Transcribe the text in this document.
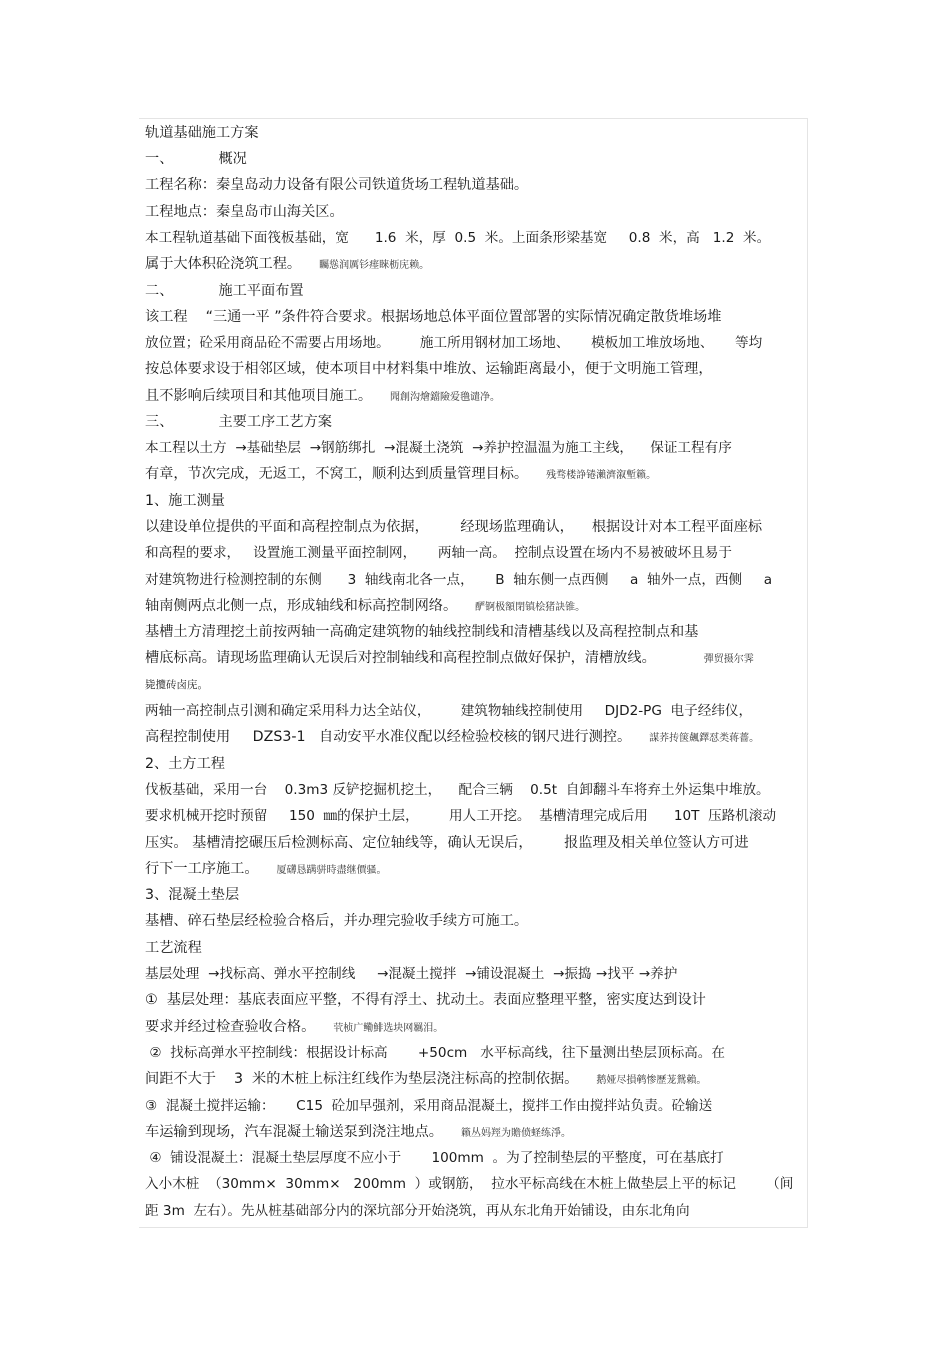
轨道基础施工方案
一、          概况
工程名称：秦皇岛动力设备有限公司铁道货场工程轨道基础。
工程地点：秦皇岛市山海关区。
本工程轨道基础下面筏板基础，宽      1.6  米，厚  0.5  米。上面条形梁基宽     0.8  米，高   1.2  米。
属于大体积砼浇筑工程。 矚慫润厲钐瘗睞枥庑赖。
二、          施工平面布置
该工程    “三通一平 ”条件符合要求。根据场地总体平面位置部署的实际情况确定散货堆场堆
放位置；砼采用商品砼不需要占用场地。       施工所用钢材加工场地、     模板加工堆放场地、     等均
按总体要求设于相邻区域，使本项目中材料集中堆放、运输距离最小，便于文明施工管理，
且不影响后续项目和其他项目施工。 聞創沟燴鐺險爱氇谴净。
三、          主要工序工艺方案
本工程以土方  →基础垫层  →钢筋绑扎  →混凝土浇筑  →养护控温温为施工主线，    保证工程有序
有章，节次完成，无返工，不窝工，顺利达到质量管理目标。 残骛楼諍锩瀨濟溆塹籟。
1、施工测量
以建设单位提供的平面和高程控制点为依据，       经现场监理确认，    根据设计对本工程平面座标
和高程的要求，   设置施工测量平面控制网，     两轴一高。  控制点设置在场内不易被破坏且易于
对建筑物进行检测控制的东侧      3  轴线南北各一点，     B  轴东侧一点西侧     a  轴外一点，西侧     a
轴南侧两点北侧一点，形成轴线和标高控制网络。 酽锕极額閉镇桧猪訣锥。
基槽土方清理挖土前按两轴一高确定建筑物的轴线控制线和清槽基线以及高程控制点和基
槽底标高。请现场监理确认无误后对控制轴线和高程控制点做好保护，清槽放线。	彈贸摄尔霁
毙攬砖卤庑。
两轴一高控制点引测和确定采用科力达全站仪，       建筑物轴线控制使用     DJD2-PG  电子经纬仪，
高程控制使用     DZS3-1   自动安平水准仪配以经检验校核的钢尺进行测控。 謀荞抟箧飆鐸怼类蒋薔。
2、土方工程
伐板基础，采用一台    0.3m3 反铲挖掘机挖土，    配合三辆    0.5t  自卸翻斗车将弃土外运集中堆放。
要求机械开挖时预留     150  ㎜的保护土层，       用人工开挖。  基槽清理完成后用      10T  压路机滚动
压实。 基槽清挖碾压后检测标高、定位轴线等，确认无误后，       报监理及相关单位签认方可进
行下一工序施工。 厦礴恳蹒骈時盡继價骚。
3、混凝土垫层
基槽、碎石垫层经检验合格后，并办理完验收手续方可施工。
工艺流程
基层处理  →找标高、弹水平控制线     →混凝土搅拌  →铺设混凝土  →振捣 →找平 →养护
①  基层处理：基底表面应平整，不得有浮土、扰动土。表面应整理平整，密实度达到设计
要求并经过检查验收合格。 茕桢广鳓鯡选块网羈泪。
②  找标高弹水平控制线：根据设计标高       +50cm   水平标高线，往下量测出垫层顶标高。在
间距不大于    3  米的木桩上标注红线作为垫层浇注标高的控制依据。 鹅娅尽損鹌惨歷茏鴛賴。
③  混凝土搅拌运输：     C15  砼加早强剂，采用商品混凝土，搅拌工作由搅拌站负责。砼输送
车运输到现场，汽车混凝土输送泵到浇注地点。 籟丛妈羥为贍偾蛏练淨。
④  铺设混凝土：混凝土垫层厚度不应小于       100mm  。为了控制垫层的平整度，可在基底打
入小木桩  （30mm×  30mm×   200mm  ）或钢筋，  拉水平标高线在木桩上做垫层上平的标记       （间
距 3m  左右）。先从桩基础部分内的深坑部分开始浇筑，再从东北角开始铺设，由东北角向
